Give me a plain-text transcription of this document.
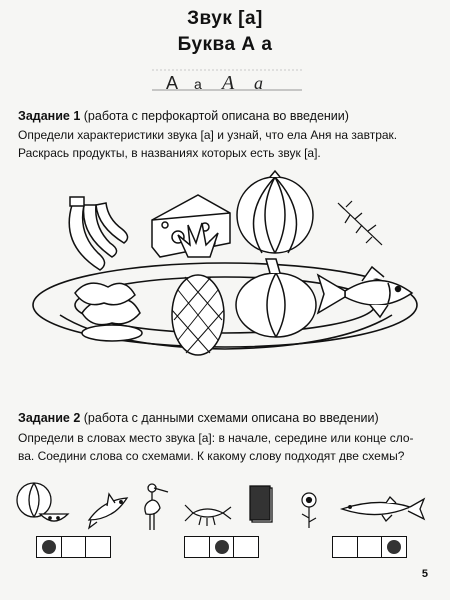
Звук [а]
Буква А а
А а А а
Задание 1 (работа с перфокартой описана во введении)
Определи характеристики звука [а] и узнай, что ела Аня на завтрак.
Раскрась продукты, в названиях которых есть звук [а].
Задание 2 (работа с данными схемами описана во введении)
Определи в словах место звука [а]: в начале, середине или конце сло-
ва. Соедини слова со схемами. К какому слову подходят две схемы?
5
